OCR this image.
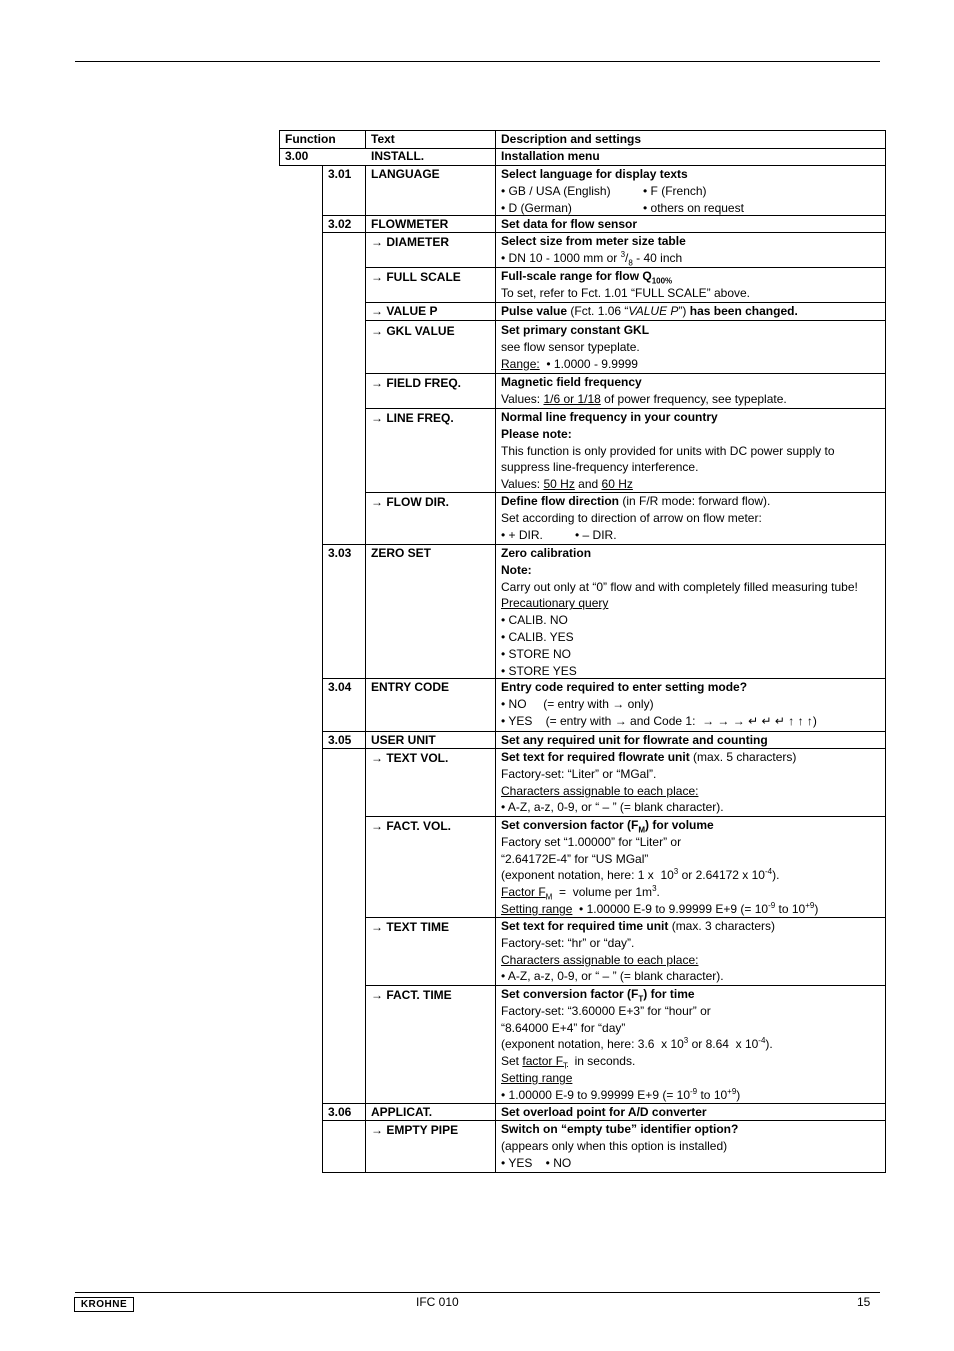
Function	Text	Description and settings
3.00	INSTALL.	Installation menu
3.01	LANGUAGE	Select language for display texts
• GB / USA (English)	• F (French)
• D (German)	• others on request
3.02	FLOWMETER	Set data for flow sensor
→ DIAMETER	Select size from meter size table
• DN 10 - 1000 mm or $^3/_8 - 40$ inch
→ FULL SCALE	Full-scale range for flow $Q_{100\%}$
To set, refer to Fct. 1.01 “FULL SCALE” above.
→ VALUE P	Pulse value (Fct. 1.06 “VALUE P”) has been changed.
→ GKL VALUE	Set primary constant GKL
see flow sensor typeplate.
Range:  • 1.0000 - 9.9999
→ FIELD FREQ.	Magnetic field frequency
Values: 1/6 or 1/18 of power frequency, see typeplate.
→ LINE FREQ.	Normal line frequency in your country
Please note:
This function is only provided for units with DC power supply to
suppress line-frequency interference.
Values: 50 Hz and 60 Hz
→ FLOW DIR.	Define flow direction (in F/R mode: forward flow).
Set according to direction of arrow on flow meter:
• + DIR.	• – DIR.
3.03	ZERO SET	Zero calibration
Note:
Carry out only at “0” flow and with completely filled measuring tube!
Precautionary query
• CALIB. NO
• CALIB. YES
• STORE NO
• STORE YES
3.04	ENTRY CODE	Entry code required to enter setting mode?
• NO     (= entry with → only)
• YES    (= entry with → and Code 1:  → → → ↵ ↵ ↵ ↑ ↑ ↑)
3.05	USER UNIT	Set any required unit for flowrate and counting
→ TEXT VOL.	Set text for required flowrate unit (max. 5 characters)
Factory-set: “Liter” or “MGal”.
Characters assignable to each place:
• A-Z, a-z, 0-9, or “ – ” (= blank character).
→ FACT. VOL.	Set conversion factor $(F_M)$ for volume
Factory set “1.00000” for “Liter” or
“2.64172E-4” for “US MGal”
(exponent notation, here: 1 x  $10^3$ or 2.64172 x $10^{-4}$).
Factor $F_M$  =  volume per $1m^3$.
Setting range  • 1.00000 E-9 to 9.99999 E+9 (= $10^{-9}$ to $10^{+9}$)
→ TEXT TIME	Set text for required time unit (max. 3 characters)
Factory-set: “hr” or “day”.
Characters assignable to each place:
• A-Z, a-z, 0-9, or “ – ” (= blank character).
→ FACT. TIME	Set conversion factor $(F_T)$ for time
Factory-set: “3.60000 E+3” for “hour” or
“8.64000 E+4” for “day”
(exponent notation, here: 3.6  x $10^3$ or 8.64  x $10^{-4}$).
Set factor $F_T$  in seconds.
Setting range
• 1.00000 E-9 to 9.99999 E+9 (= $10^{-9}$ to $10^{+9}$)
3.06	APPLICAT.	Set overload point for A/D converter
→ EMPTY PIPE	Switch on “empty tube” identifier option?
(appears only when this option is installed)
• YES    • NO
KROHNE	IFC 010	15
